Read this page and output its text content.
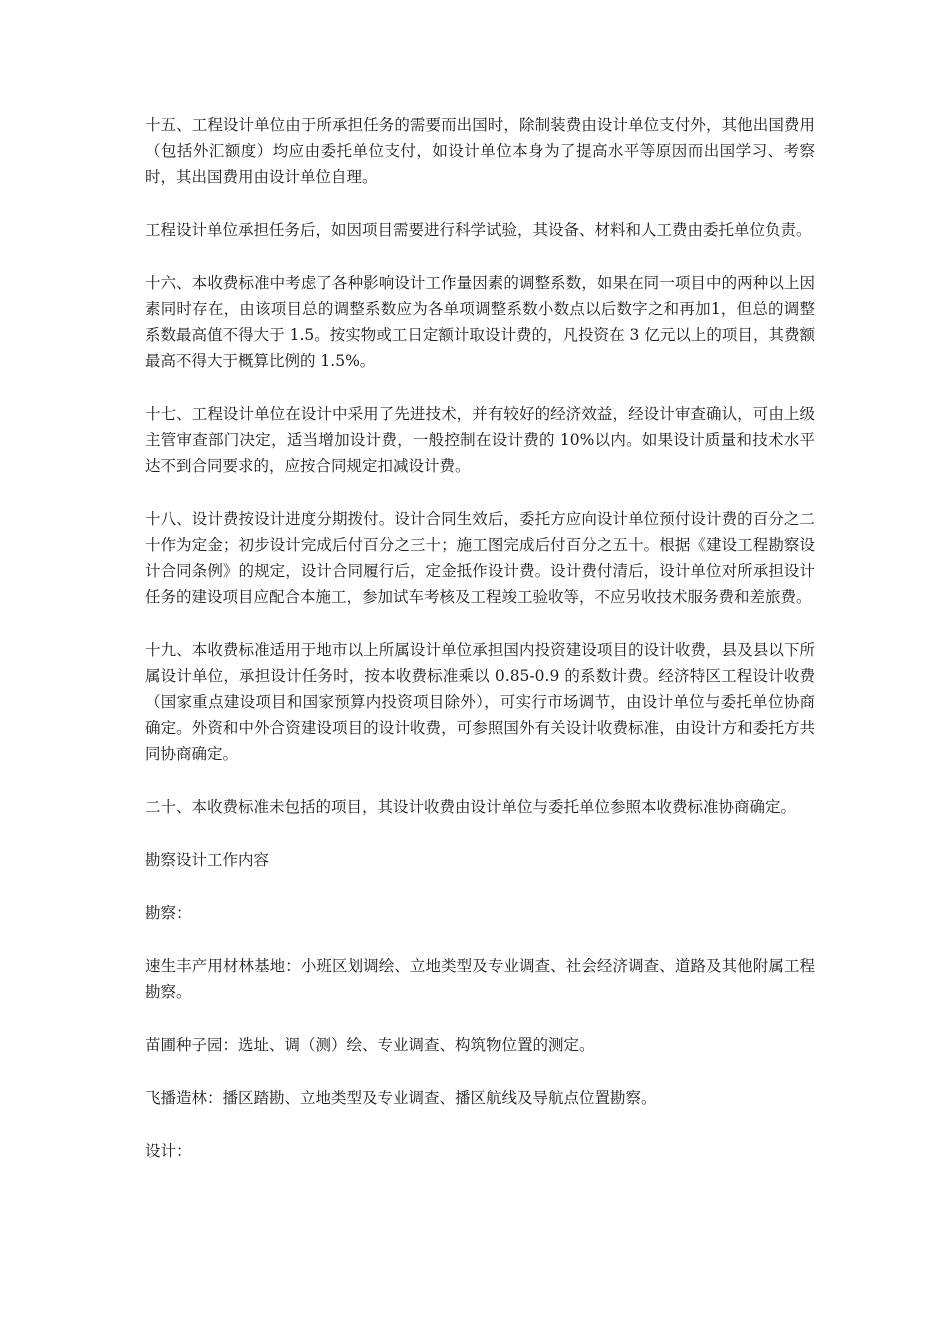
十五、工程设计单位由于所承担任务的需要而出国时，除制装费由设计单位支付外，其他出国费用（包括外汇额度）均应由委托单位支付，如设计单位本身为了提高水平等原因而出国学习、考察时，其出国费用由设计单位自理。

工程设计单位承担任务后，如因项目需要进行科学试验，其设备、材料和人工费由委托单位负责。

十六、本收费标准中考虑了各种影响设计工作量因素的调整系数，如果在同一项目中的两种以上因素同时存在，由该项目总的调整系数应为各单项调整系数小数点以后数字之和再加1，但总的调整系数最高值不得大于 1.5。按实物或工日定额计取设计费的，凡投资在 3 亿元以上的项目，其费额最高不得大于概算比例的 1.5%。

十七、工程设计单位在设计中采用了先进技术，并有较好的经济效益，经设计审查确认，可由上级主管审查部门决定，适当增加设计费，一般控制在设计费的 10%以内。如果设计质量和技术水平达不到合同要求的，应按合同规定扣减设计费。

十八、设计费按设计进度分期拨付。设计合同生效后，委托方应向设计单位预付设计费的百分之二十作为定金；初步设计完成后付百分之三十；施工图完成后付百分之五十。根据《建设工程勘察设计合同条例》的规定，设计合同履行后，定金抵作设计费。设计费付清后，设计单位对所承担设计任务的建设项目应配合本施工，参加试车考核及工程竣工验收等，不应另收技术服务费和差旅费。

十九、本收费标准适用于地市以上所属设计单位承担国内投资建设项目的设计收费，县及县以下所属设计单位，承担设计任务时，按本收费标准乘以 0.85-0.9 的系数计费。经济特区工程设计收费（国家重点建设项目和国家预算内投资项目除外），可实行市场调节，由设计单位与委托单位协商确定。外资和中外合资建设项目的设计收费，可参照国外有关设计收费标准，由设计方和委托方共同协商确定。

二十、本收费标准未包括的项目，其设计收费由设计单位与委托单位参照本收费标准协商确定。

勘察设计工作内容

勘察：

速生丰产用材林基地：小班区划调绘、立地类型及专业调查、社会经济调查、道路及其他附属工程勘察。

苗圃种子园：选址、调（测）绘、专业调查、构筑物位置的测定。

飞播造林：播区踏勘、立地类型及专业调查、播区航线及导航点位置勘察。

设计：
